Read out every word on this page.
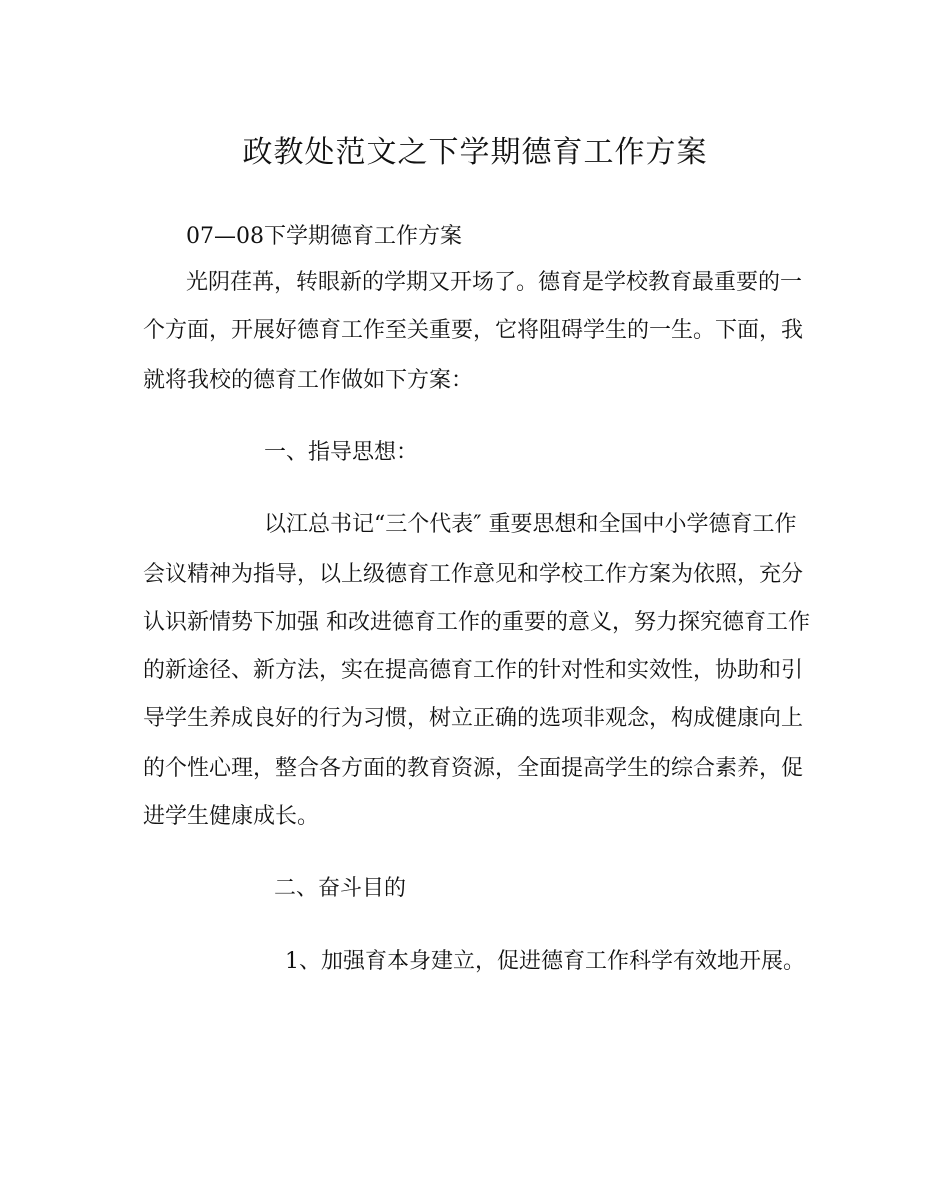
政教处范文之下学期德育工作方案
07—08下学期德育工作方案
光阴荏苒，转眼新的学期又开场了。德育是学校教育最重要的一
个方面，开展好德育工作至关重要，它将阻碍学生的一生。下面，我
就将我校的德育工作做如下方案：
一、指导思想：
以江总书记“三个代表″ 重要思想和全国中小学德育工作
会议精神为指导，以上级德育工作意见和学校工作方案为依照，充分
认识新情势下加强 和改进德育工作的重要的意义，努力探究德育工作
的新途径、新方法，实在提高德育工作的针对性和实效性，协助和引
导学生养成良好的行为习惯，树立正确的选项非观念，构成健康向上
的个性心理，整合各方面的教育资源，全面提高学生的综合素养，促
进学生健康成长。
二、奋斗目的
1、加强育本身建立，促进德育工作科学有效地开展。
